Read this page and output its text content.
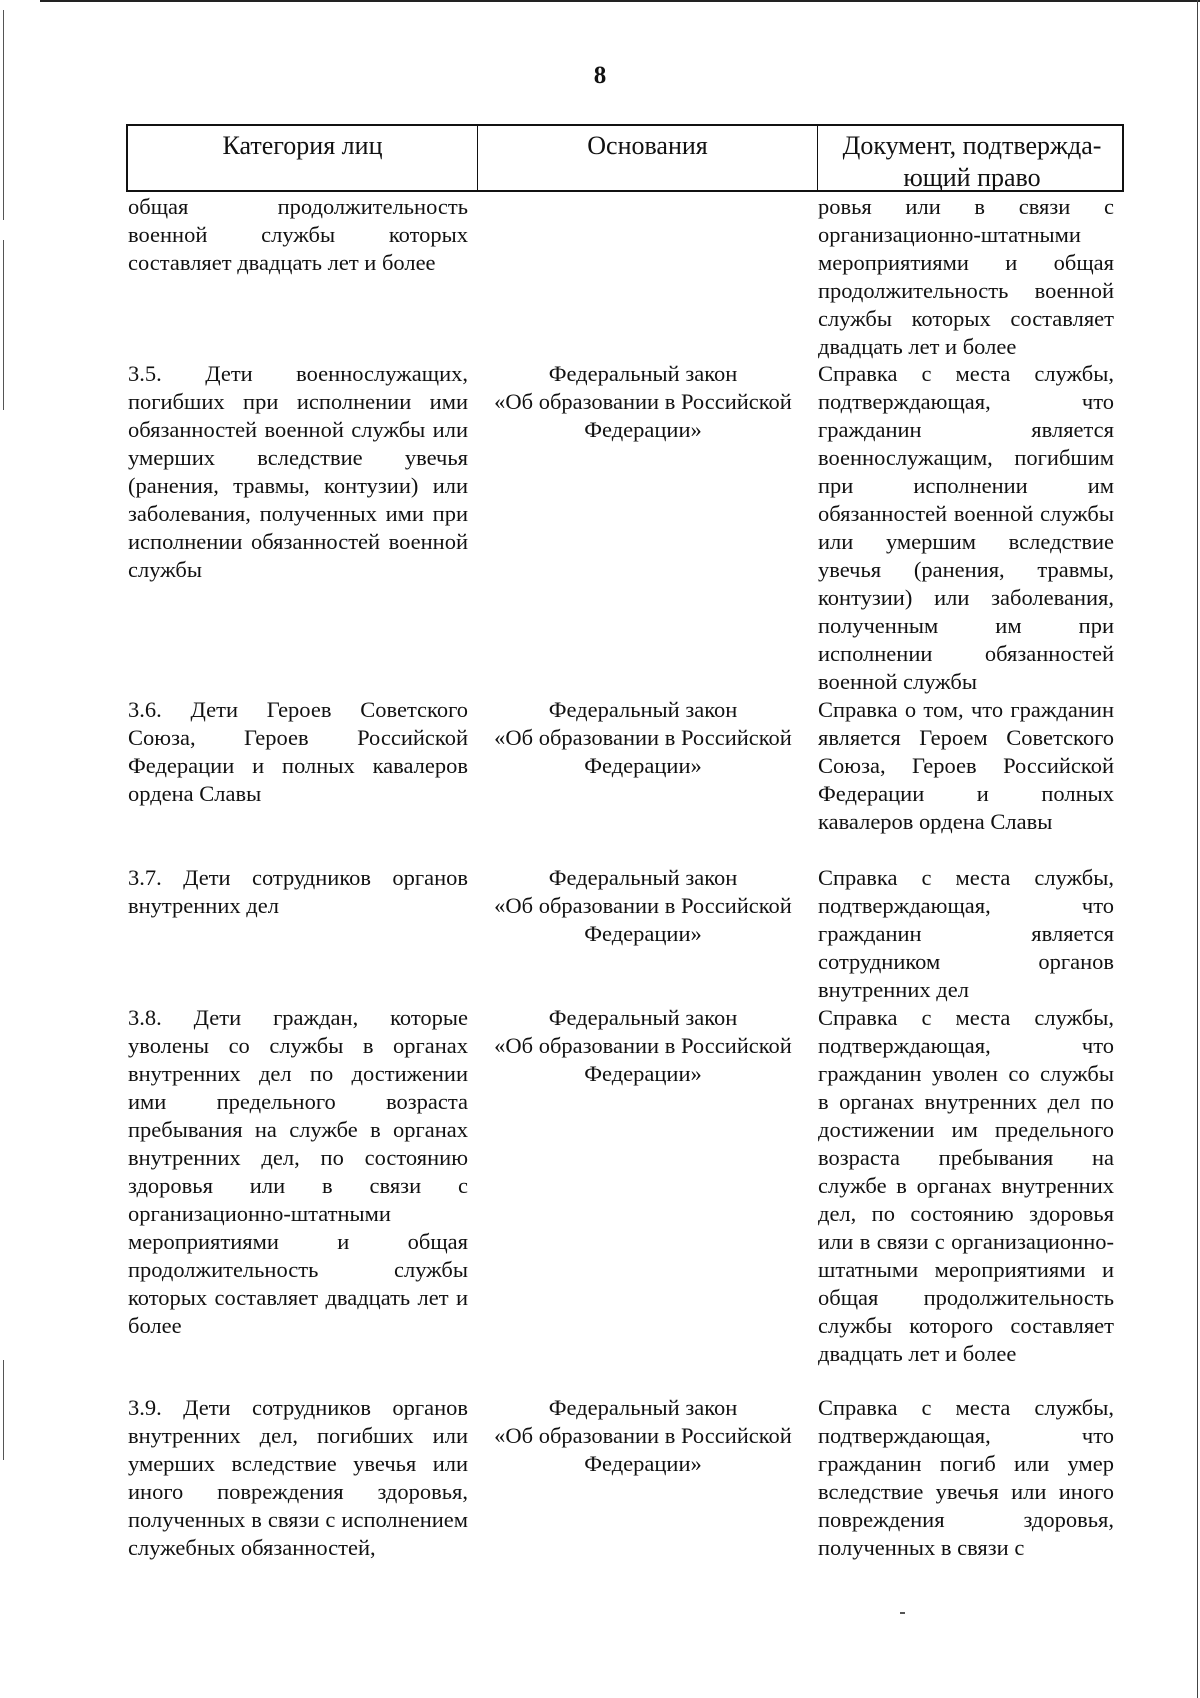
8
Категория лиц	Основания	Документ, подтвержда-
ющий право
общая продолжительность военной службы которых составляет двадцать лет и более
ровья или в связи с организационно-штатными мероприятиями и общая продолжительность военной службы которых составляет двадцать лет и более
3.5. Дети военнослужащих, погибших при исполнении ими обязанностей военной службы или умерших вследствие увечья (ранения, травмы, контузии) или заболевания, полученных ими при исполнении обязанностей военной службы
Федеральный закон
«Об образовании в Российской Федерации»
Справка с места службы, подтверждающая, что гражданин является военнослужащим, погибшим при исполнении им обязанностей военной службы или умершим вследствие увечья (ранения, травмы, контузии) или заболевания, полученным им при исполнении обязанностей военной службы
3.6. Дети Героев Советского Союза, Героев Российской Федерации и полных кавалеров ордена Славы
Федеральный закон
«Об образовании в Российской Федерации»
Справка о том, что гражданин является Героем Советского Союза, Героев Российской Федерации и полных кавалеров ордена Славы
3.7. Дети сотрудников органов внутренних дел
Федеральный закон
«Об образовании в Российской Федерации»
Справка с места службы, подтверждающая, что гражданин является сотрудником органов внутренних дел
3.8. Дети граждан, которые уволены со службы в органах внутренних дел по достижении ими предельного возраста пребывания на службе в органах внутренних дел, по состоянию здоровья или в связи с организационно-штатными мероприятиями и общая продолжительность службы которых составляет двадцать лет и более
Федеральный закон
«Об образовании в Российской Федерации»
Справка с места службы, подтверждающая, что гражданин уволен со службы в органах внутренних дел по достижении им предельного возраста пребывания на службе в органах внутренних дел, по состоянию здоровья или в связи с организационно-штатными мероприятиями и общая продолжительность службы которого составляет двадцать лет и более
3.9. Дети сотрудников органов внутренних дел, погибших или умерших вследствие увечья или иного повреждения здоровья, полученных в связи с исполнением служебных обязанностей,
Федеральный закон
«Об образовании в Российской Федерации»
Справка с места службы, подтверждающая, что гражданин погиб или умер вследствие увечья или иного повреждения здоровья, полученных в связи с
